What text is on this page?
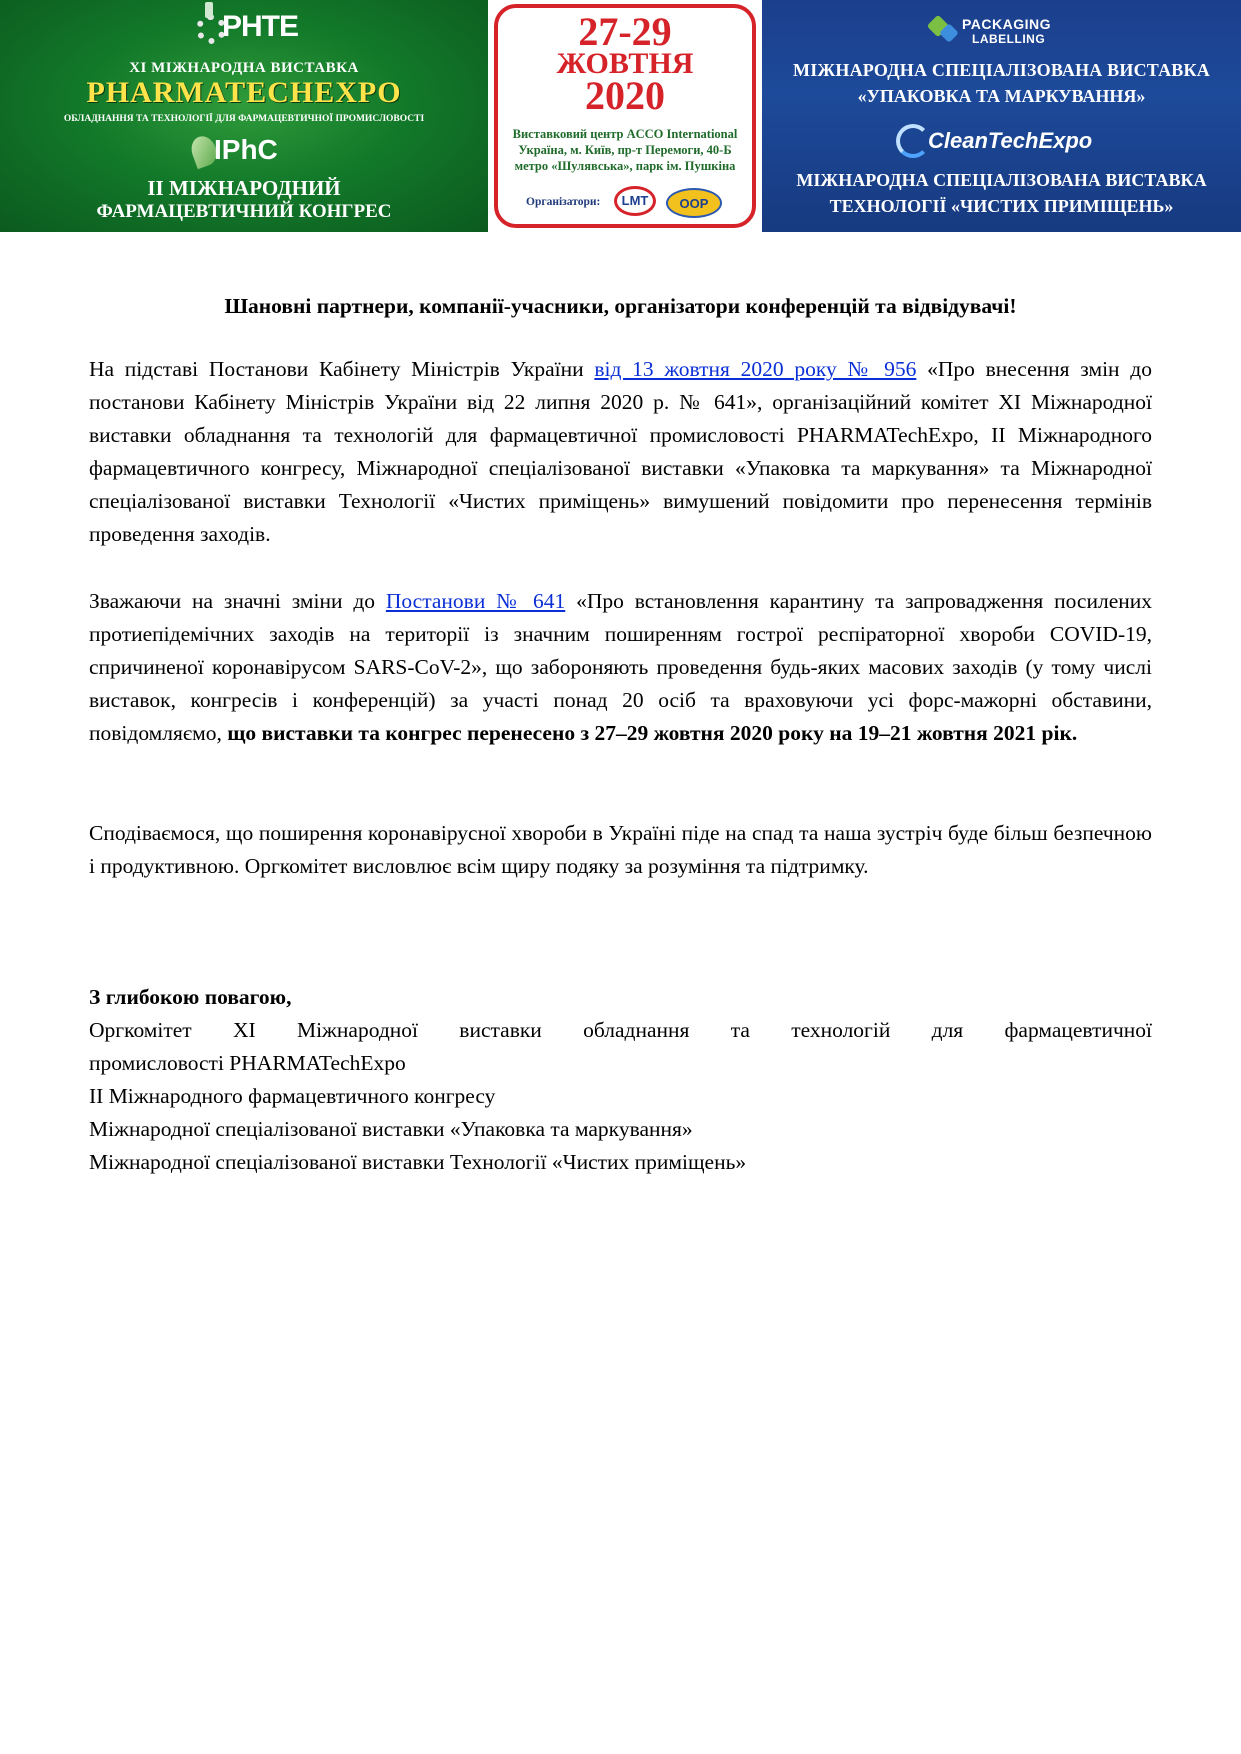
PHTE
XI МІЖНАРОДНА ВИСТАВКА
PHARMATECHEXPO
ОБЛАДНАННЯ ТА ТЕХНОЛОГІЇ ДЛЯ ФАРМАЦЕВТИЧНОЇ ПРОМИСЛОВОСТІ
IPhC
II МІЖНАРОДНИЙ
ФАРМАЦЕВТИЧНИЙ КОНГРЕС
27-29
ЖОВТНЯ
2020
Виставковий центр ACCO International
Україна, м. Київ, пр-т Перемоги, 40-Б
метро «Шулявська», парк ім. Пушкіна
Організатори:	LMT	OOP
PACKAGING
LABELLING
МІЖНАРОДНА СПЕЦІАЛІЗОВАНА ВИСТАВКА
«УПАКОВКА ТА МАРКУВАННЯ»
CleanTechExpo
МІЖНАРОДНА СПЕЦІАЛІЗОВАНА ВИСТАВКА
ТЕХНОЛОГІЇ «ЧИСТИХ ПРИМІЩЕНЬ»
Шановні партнери, компанії-учасники, організатори конференцій та відвідувачі!
На підставі Постанови Кабінету Міністрів України від 13 жовтня 2020 року № 956 «Про внесення змін до постанови Кабінету Міністрів України від 22 липня 2020 р. № 641», організаційний комітет XI Міжнародної виставки обладнання та технологій для фармацевтичної промисловості PHARMATechExpo, II Міжнародного фармацевтичного конгресу, Міжнародної спеціалізованої виставки «Упаковка та маркування» та Міжнародної спеціалізованої виставки Технології «Чистих приміщень» вимушений повідомити про перенесення термінів проведення заходів.
Зважаючи на значні зміни до Постанови № 641 «Про встановлення карантину та запровадження посилених протиепідемічних заходів на території із значним поширенням гострої респіраторної хвороби COVID-19, спричиненої коронавірусом SARS-CoV-2», що забороняють проведення будь-яких масових заходів (у тому числі виставок, конгресів і конференцій) за участі понад 20 осіб та враховуючи усі форс-мажорні обставини, повідомляємо, що виставки та конгрес перенесено з 27–29 жовтня 2020 року на 19–21 жовтня 2021 рік.
Сподіваємося, що поширення коронавірусної хвороби в Україні піде на спад та наша зустріч буде більш безпечною і продуктивною. Оргкомітет висловлює всім щиру подяку за розуміння та підтримку.
З глибокою повагою,
Оргкомітет XI Міжнародної виставки обладнання та технологій для фармацевтичної
промисловості PHARMATechExpo
II Міжнародного фармацевтичного конгресу
Міжнародної спеціалізованої виставки «Упаковка та маркування»
Міжнародної спеціалізованої виставки Технології «Чистих приміщень»
